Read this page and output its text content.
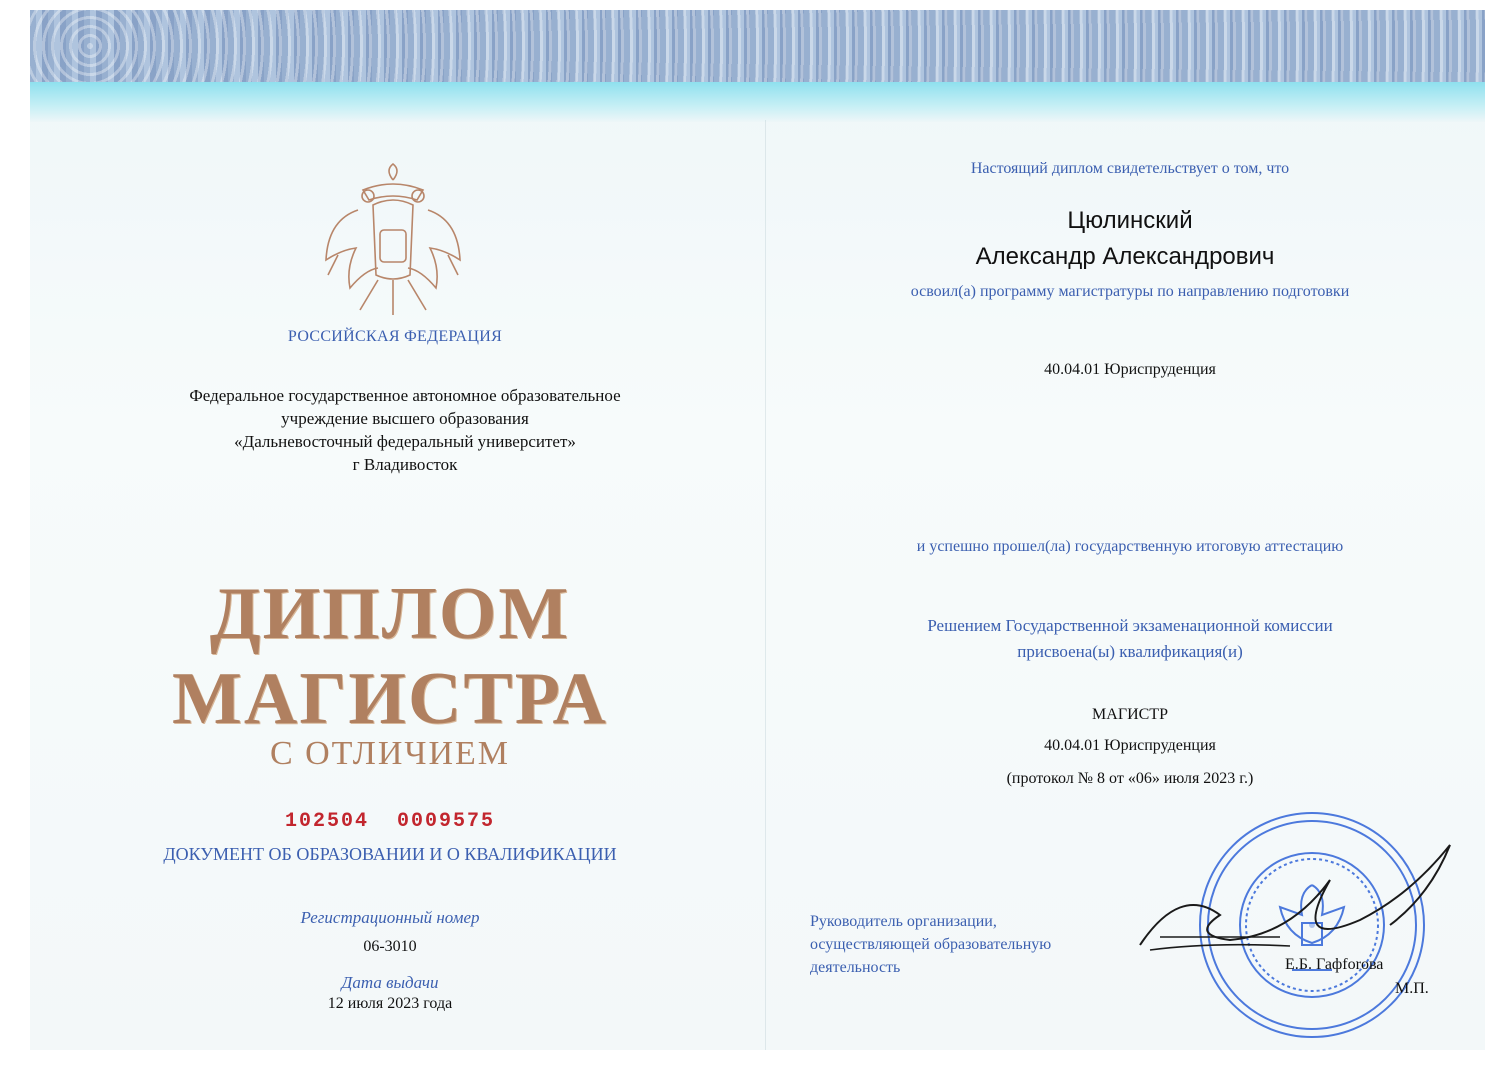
РОССИЙСКАЯ ФЕДЕРАЦИЯ
Федеральное государственное автономное образовательное
учреждение высшего образования
«Дальневосточный федеральный университет»
г Владивосток
ДИПЛОМ
МАГИСТРА
С ОТЛИЧИЕМ
102504  0009575
ДОКУМЕНТ ОБ ОБРАЗОВАНИИ И О КВАЛИФИКАЦИИ
Регистрационный номер
06-3010
Дата выдачи
12 июля 2023 года
Настоящий диплом свидетельствует о том, что
Цюлинский
Александр Александрович
освоил(а) программу магистратуры по направлению подготовки
40.04.01 Юриспруденция
и успешно прошел(ла) государственную итоговую аттестацию
Решением Государственной экзаменационной комиссии
присвоена(ы) квалификация(и)
МАГИСТР
40.04.01 Юриспруденция
(протокол № 8 от «06» июля 2023 г.)
Руководитель организации,
осуществляющей образовательную
деятельность	Е.Б. Гафforова
М.П.
